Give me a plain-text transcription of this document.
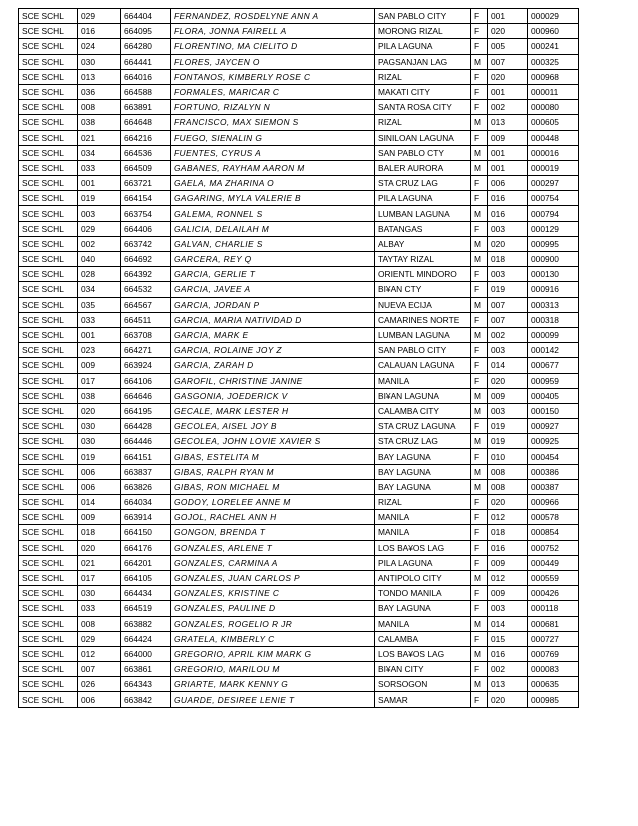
SCE SCHL	029	664404	FERNANDEZ, ROSDELYNE ANN A	SAN PABLO CITY	F	001	000029
SCE SCHL	016	664095	FLORA, JONNA FAIRELL A	MORONG RIZAL	F	020	000960
SCE SCHL	024	664280	FLORENTINO, MA CIELITO D	PILA LAGUNA	F	005	000241
SCE SCHL	030	664441	FLORES, JAYCEN O	PAGSANJAN LAG	M	007	000325
SCE SCHL	013	664016	FONTANOS, KIMBERLY ROSE C	RIZAL	F	020	000968
SCE SCHL	036	664588	FORMALES, MARICAR C	MAKATI CITY	F	001	000011
SCE SCHL	008	663891	FORTUNO, RIZALYN N	SANTA ROSA CITY	F	002	000080
SCE SCHL	038	664648	FRANCISCO, MAX SIEMON S	RIZAL	M	013	000605
SCE SCHL	021	664216	FUEGO, SIENALIN G	SINILOAN LAGUNA	F	009	000448
SCE SCHL	034	664536	FUENTES, CYRUS A	SAN PABLO CTY	M	001	000016
SCE SCHL	033	664509	GABANES, RAYHAM AARON M	BALER AURORA	M	001	000019
SCE SCHL	001	663721	GAELA, MA ZHARINA O	STA CRUZ LAG	F	006	000297
SCE SCHL	019	664154	GAGARING, MYLA VALERIE B	PILA LAGUNA	F	016	000754
SCE SCHL	003	663754	GALEMA, RONNEL S	LUMBAN LAGUNA	M	016	000794
SCE SCHL	029	664406	GALICIA, DELAILAH M	BATANGAS	F	003	000129
SCE SCHL	002	663742	GALVAN, CHARLIE S	ALBAY	M	020	000995
SCE SCHL	040	664692	GARCERA, REY Q	TAYTAY RIZAL	M	018	000900
SCE SCHL	028	664392	GARCIA, GERLIE T	ORIENTL MINDORO	F	003	000130
SCE SCHL	034	664532	GARCIA, JAVEE A	BI¥AN CTY	F	019	000916
SCE SCHL	035	664567	GARCIA, JORDAN P	NUEVA ECIJA	M	007	000313
SCE SCHL	033	664511	GARCIA, MARIA NATIVIDAD D	CAMARINES NORTE	F	007	000318
SCE SCHL	001	663708	GARCIA, MARK E	LUMBAN LAGUNA	M	002	000099
SCE SCHL	023	664271	GARCIA, ROLAINE JOY Z	SAN PABLO CITY	F	003	000142
SCE SCHL	009	663924	GARCIA, ZARAH D	CALAUAN LAGUNA	F	014	000677
SCE SCHL	017	664106	GAROFIL, CHRISTINE JANINE	MANILA	F	020	000959
SCE SCHL	038	664646	GASGONIA, JOEDERICK V	BI¥AN LAGUNA	M	009	000405
SCE SCHL	020	664195	GECALE, MARK LESTER H	CALAMBA CITY	M	003	000150
SCE SCHL	030	664428	GECOLEA, AISEL JOY B	STA CRUZ LAGUNA	F	019	000927
SCE SCHL	030	664446	GECOLEA, JOHN LOVIE XAVIER S	STA CRUZ LAG	M	019	000925
SCE SCHL	019	664151	GIBAS, ESTELITA M	BAY LAGUNA	F	010	000454
SCE SCHL	006	663837	GIBAS, RALPH RYAN M	BAY LAGUNA	M	008	000386
SCE SCHL	006	663826	GIBAS, RON MICHAEL M	BAY LAGUNA	M	008	000387
SCE SCHL	014	664034	GODOY, LORELEE ANNE M	RIZAL	F	020	000966
SCE SCHL	009	663914	GOJOL, RACHEL ANN H	MANILA	F	012	000578
SCE SCHL	018	664150	GONGON, BRENDA T	MANILA	F	018	000854
SCE SCHL	020	664176	GONZALES, ARLENE T	LOS BA¥OS LAG	F	016	000752
SCE SCHL	021	664201	GONZALES, CARMINA A	PILA LAGUNA	F	009	000449
SCE SCHL	017	664105	GONZALES, JUAN CARLOS P	ANTIPOLO CITY	M	012	000559
SCE SCHL	030	664434	GONZALES, KRISTINE C	TONDO MANILA	F	009	000426
SCE SCHL	033	664519	GONZALES, PAULINE D	BAY LAGUNA	F	003	000118
SCE SCHL	008	663882	GONZALES, ROGELIO R JR	MANILA	M	014	000681
SCE SCHL	029	664424	GRATELA, KIMBERLY C	CALAMBA	F	015	000727
SCE SCHL	012	664000	GREGORIO, APRIL KIM MARK G	LOS BA¥OS LAG	M	016	000769
SCE SCHL	007	663861	GREGORIO, MARILOU M	BI¥AN CITY	F	002	000083
SCE SCHL	026	664343	GRIARTE, MARK KENNY G	SORSOGON	M	013	000635
SCE SCHL	006	663842	GUARDE, DESIREE LENIE T	SAMAR	F	020	000985
